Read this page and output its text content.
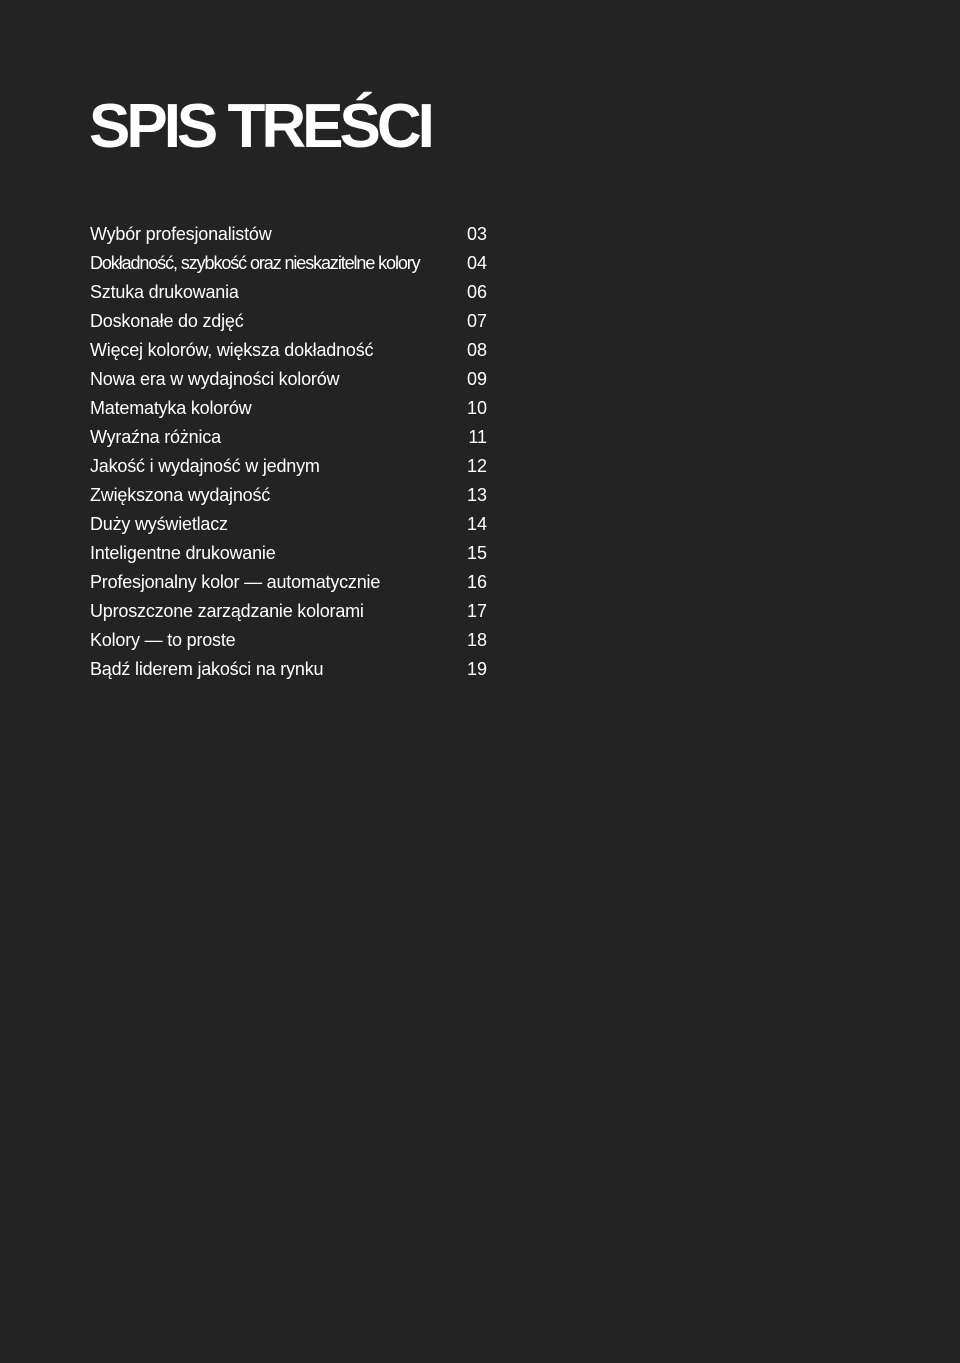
SPIS TREŚCI
Wybór profesjonalistów	03
Dokładność, szybkość oraz nieskazitelne kolory	04
Sztuka drukowania	06
Doskonałe do zdjęć	07
Więcej kolorów, większa dokładność	08
Nowa era w wydajności kolorów	09
Matematyka kolorów	10
Wyraźna różnica	11
Jakość i wydajność w jednym	12
Zwiększona wydajność	13
Duży wyświetlacz	14
Inteligentne drukowanie	15
Profesjonalny kolor — automatycznie	16
Uproszczone zarządzanie kolorami	17
Kolory — to proste	18
Bądź liderem jakości na rynku	19
